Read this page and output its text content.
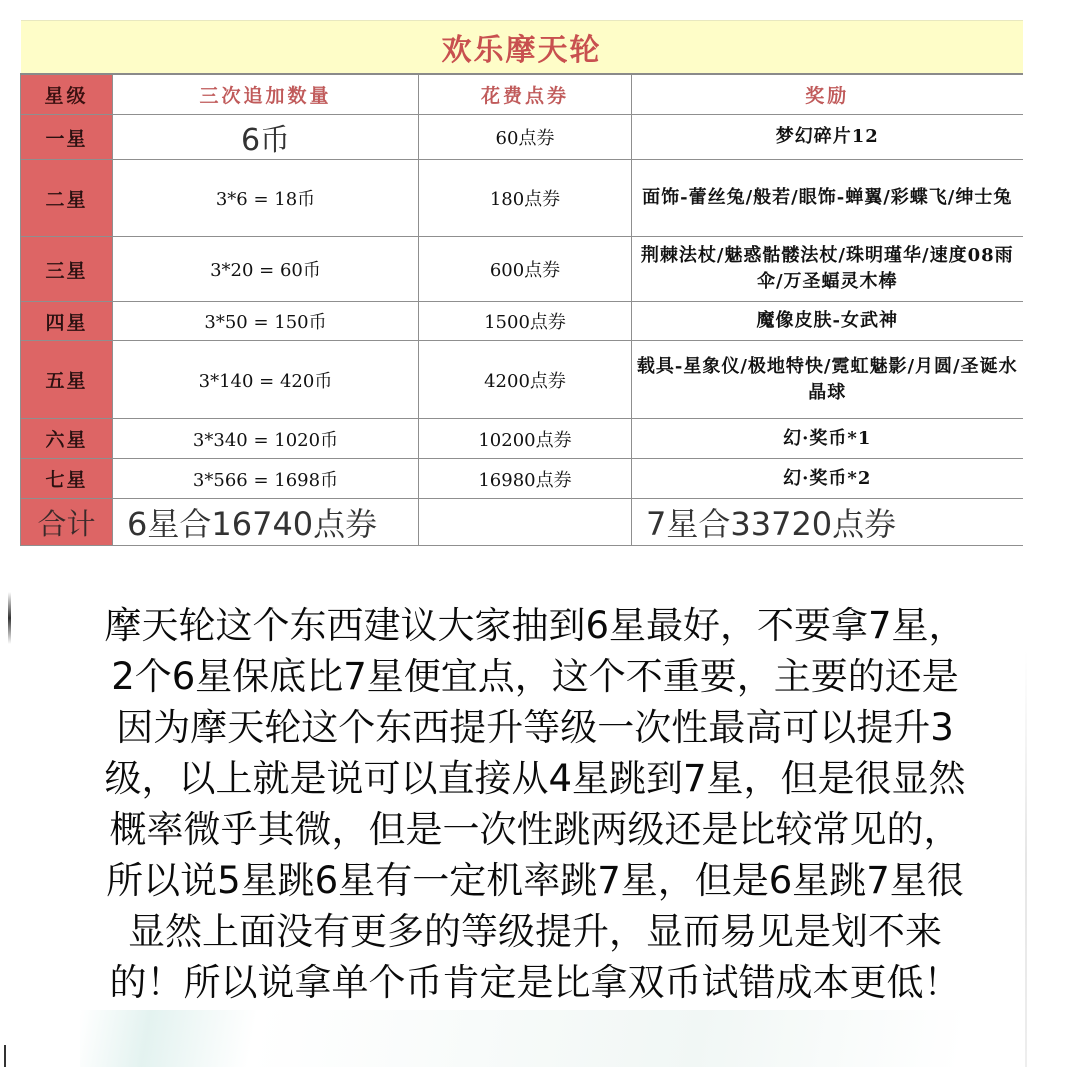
欢乐摩天轮			
星级	三次追加数量	花费点券	奖励
一星	6币	60点券	梦幻碎片12
二星	3*6 = 18币	180点券	面饰-蕾丝兔/般若/眼饰-蝉翼/彩蝶飞/绅士兔
三星	3*20 = 60币	600点券	荆棘法杖/魅惑骷髅法杖/珠明瑾华/速度08雨伞/万圣蝠灵木棒
四星	3*50 = 150币	1500点券	魔像皮肤-女武神
五星	3*140 = 420币	4200点券	载具-星象仪/极地特快/霓虹魅影/月圆/圣诞水晶球
六星	3*340 = 1020币	10200点券	幻·奖币*1
七星	3*566 = 1698币	16980点券	幻·奖币*2
合计	6星合16740点券		7星合33720点券
摩天轮这个东西建议大家抽到6星最好，不要拿7星，
2个6星保底比7星便宜点，这个不重要，主要的还是
因为摩天轮这个东西提升等级一次性最高可以提升3
级，以上就是说可以直接从4星跳到7星，但是很显然
概率微乎其微，但是一次性跳两级还是比较常见的，
所以说5星跳6星有一定机率跳7星，但是6星跳7星很
显然上面没有更多的等级提升，显而易见是划不来
的！所以说拿单个币肯定是比拿双币试错成本更低！
